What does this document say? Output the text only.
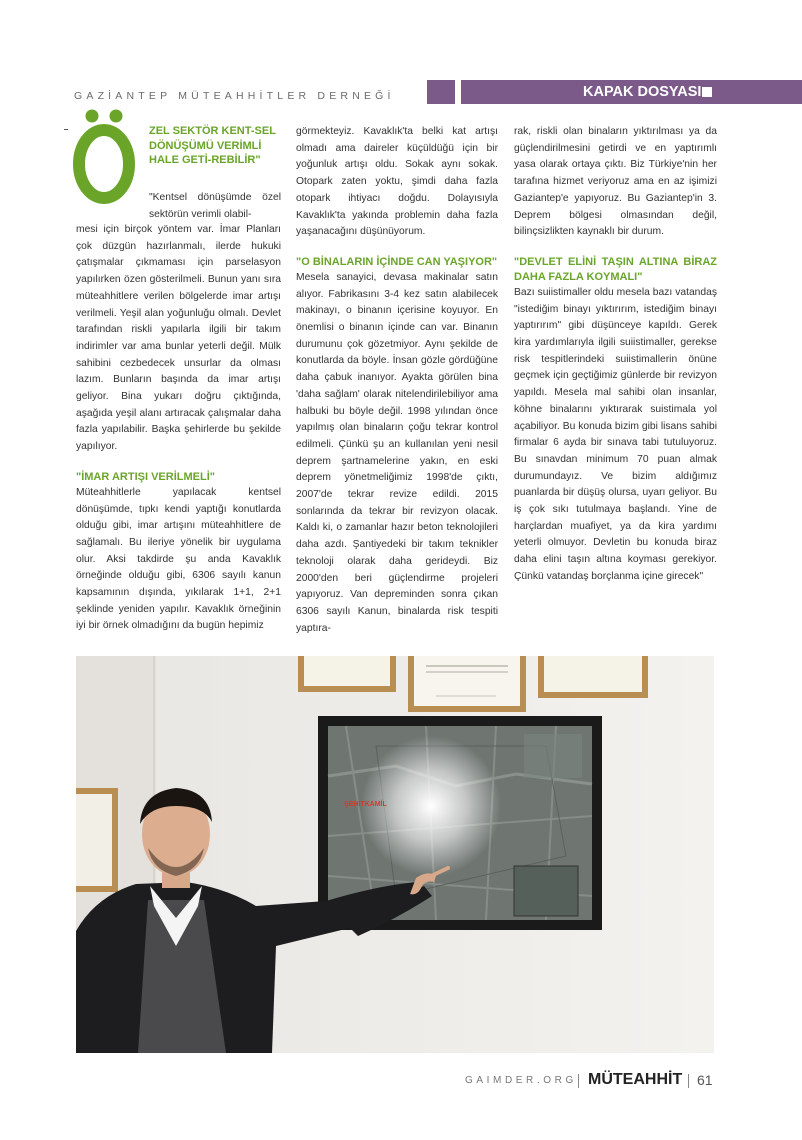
GAZİANTEP MÜTEAHHİTLER DERNEĞİ	KAPAK DOSYASI
ZEL SEKTÖR KENT-SEL DÖNÜŞÜMÜ VERİMLİ HALE GETİ-REBİLİR"
"Kentsel dönüşümde özel sektörün verimli olabil-

mesi için birçok yöntem var. İmar Planları çok düzgün hazırlanmalı, ilerde hukuki çatışmalar çıkmaması için parselasyon yapılırken özen gösterilmeli. Bunun yanı sıra müteahhitlere verilen bölgelerde imar artışı verilmeli. Yeşil alan yoğunluğu olmalı. Devlet tarafından riskli yapılarla ilgili bir takım indirimler var ama bunlar yeterli değil. Mülk sahibini cezbedecek unsurlar da olması lazım. Bunların başında da imar artışı geliyor. Bina yukarı doğru çıktığında, aşağıda yeşil alanı artıracak çalışmalar daha fazla yapılabilir. Başka şehirlerde bu şekilde yapılıyor.

"İMAR ARTIŞI VERİLMELİ"

Müteahhitlerle yapılacak kentsel dönüşümde, tıpkı kendi yaptığı konutlarda olduğu gibi, imar artışını müteahhitlere de sağlamalı. Bu ileriye yönelik bir uygulama olur. Aksi takdirde şu anda Kavaklık örneğinde olduğu gibi, 6306 sayılı kanun kapsamının dışında, yıkılarak 1+1, 2+1 şeklinde yeniden yapılır. Kavaklık örneğinin iyi bir örnek olmadığını da bugün hepimiz

görmekteyiz. Kavaklık'ta belki kat artışı olmadı ama daireler küçüldüğü için bir yoğunluk artışı oldu. Sokak aynı sokak. Otopark zaten yoktu, şimdi daha fazla otopark ihtiyacı doğdu. Dolayısıyla Kavaklık'ta yakında problemin daha fazla yaşanacağını düşünüyorum.

"O BİNALARIN İÇİNDE CAN YAŞIYOR"

Mesela sanayici, devasa makinalar satın alıyor. Fabrikasını 3-4 kez satın alabilecek makinayı, o binanın içerisine koyuyor. En önemlisi o binanın içinde can var. Binanın durumunu çok gözetmiyor. Aynı şekilde de konutlarda da böyle. İnsan gözle gördüğüne daha çabuk inanıyor. Ayakta görülen bina 'daha sağlam' olarak nitelendirilebiliyor ama halbuki bu böyle değil. 1998 yılından önce yapılmış olan binaların çoğu tekrar kontrol edilmeli. Çünkü şu an kullanılan yeni nesil deprem şartnamelerine yakın, en eski deprem yönetmeliğimiz 1998'de çıktı, 2007'de tekrar revize edildi. 2015 sonlarında da tekrar bir revizyon olacak. Kaldı ki, o zamanlar hazır beton teknolojileri daha azdı. Şantiyedeki bir takım teknikler teknoloji olarak daha gerideydi. Biz 2000'den beri güçlendirme projeleri yapıyoruz. Van depreminden sonra çıkan 6306 sayılı Kanun, binalarda risk tespiti yaptıra-

rak, riskli olan binaların yıktırılması ya da güçlendirilmesini getirdi ve en yaptırımlı yasa olarak ortaya çıktı. Biz Türkiye'nin her tarafına hizmet veriyoruz ama en az işimizi Gaziantep'e yapıyoruz. Bu Gaziantep'in 3. Deprem bölgesi olmasından değil, bilinçsizlikten kaynaklı bir durum.

"DEVLET ELİNİ TAŞIN ALTINA BİRAZ DAHA FAZLA KOYMALI"

Bazı suiistimaller oldu mesela bazı vatandaş "istediğim binayı yıktırırım, istediğim binayı yaptırırım" gibi düşünceye kapıldı. Gerek kira yardımlarıyla ilgili suiistimaller, gerekse risk tespitlerindeki suiistimallerin önüne geçmek için geçtiğimiz günlerde bir revizyon yapıldı. Mesela mal sahibi olan insanlar, köhne binalarını yıktırarak suistimala yol açabiliyor. Bu konuda bizim gibi lisans sahibi firmalar 6 ayda bir sınava tabi tutuluyoruz. Bu sınavdan minimum 70 puan almak durumundayız. Ve bizim aldığımız puanlarda bir düşüş olursa, uyarı geliyor. Bu iş çok sıkı tutulmaya başlandı. Yine de harçlardan muafiyet, ya da kira yardımı yeterli olmuyor. Devletin bu konuda biraz daha elini taşın altına koyması gerekiyor. Çünkü vatandaş borçlanma içine girecek"

ŞEHİTKAMİL
GAIMDER.ORG MÜTEAHHİT 61
